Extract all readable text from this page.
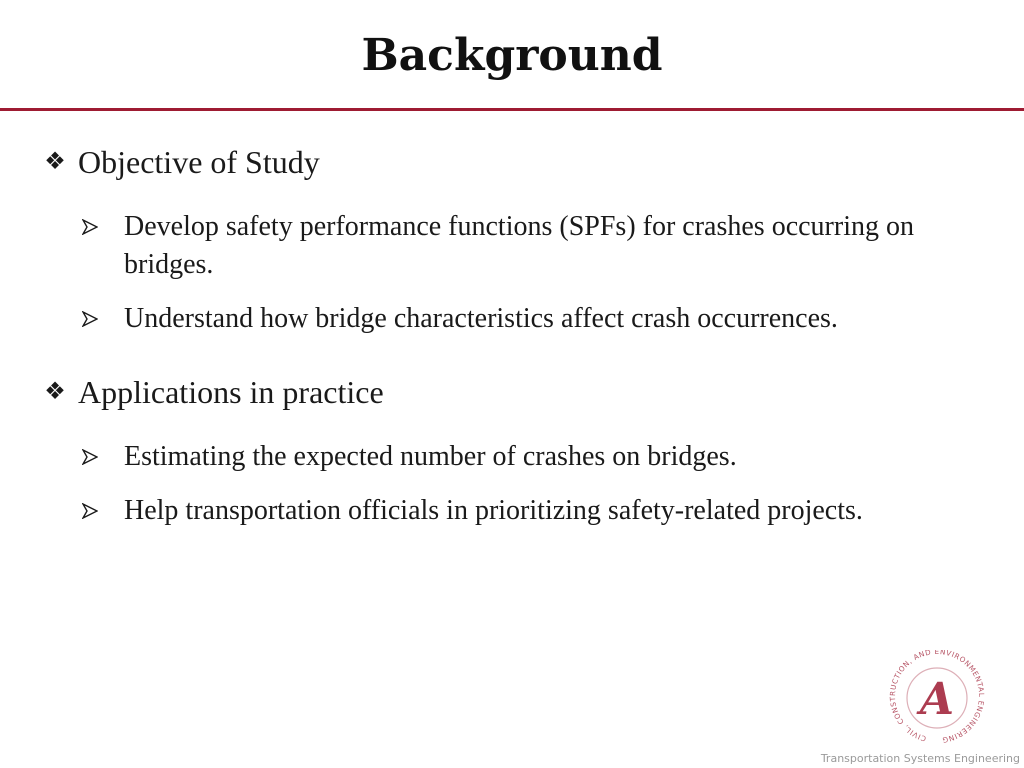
Background
❖ Objective of Study
Develop safety performance functions (SPFs) for crashes occurring on bridges.
Understand how bridge characteristics affect crash occurrences.
❖ Applications in practice
Estimating the expected number of crashes on bridges.
Help transportation officials in prioritizing safety-related projects.
CIVIL, CONSTRUCTION, AND ENVIRONMENTAL ENGINEERING
A
Transportation Systems Engineering
